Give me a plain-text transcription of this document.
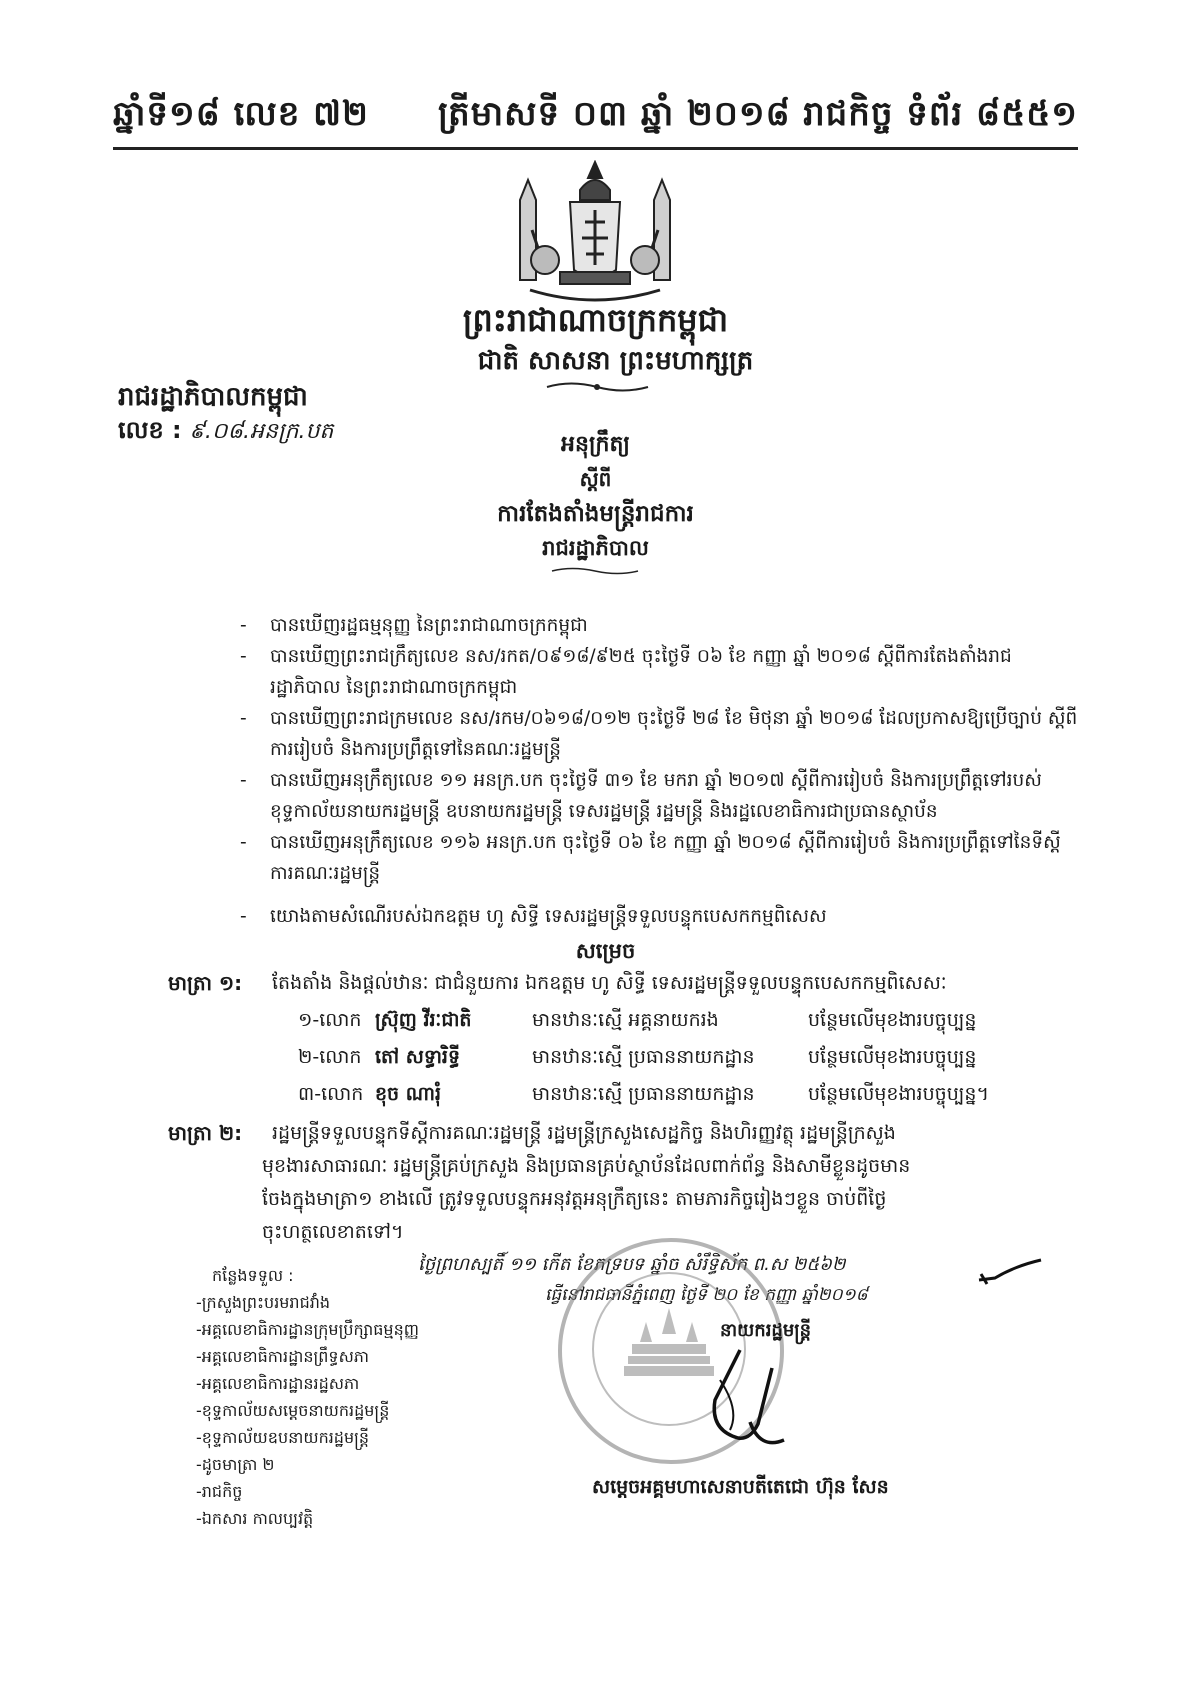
ឆ្នាំទី១៨ លេខ ៧២ ត្រីមាសទី ០៣ ឆ្នាំ ២០១៨ រាជកិច្ច ទំព័រ ៨៥៥១
ព្រះរាជាណាចក្រកម្ពុជា
ជាតិ សាសនា ព្រះមហាក្សត្រ
រាជរដ្ឋាភិបាលកម្ពុជា
លេខ : ៩.០៨.អនក្រ.បត
អនុក្រឹត្យ
ស្ដីពី
ការតែងតាំងមន្ត្រីរាជការ
រាជរដ្ឋាភិបាល
- បានឃើញរដ្ឋធម្មនុញ្ញ នៃព្រះរាជាណាចក្រកម្ពុជា
- បានឃើញព្រះរាជក្រឹត្យលេខ នស/រកត/០៩១៨/៩២៥ ចុះថ្ងៃទី ០៦ ខែ កញ្ញា ឆ្នាំ ២០១៨ ស្តីពីការតែងតាំងរាជរដ្ឋាភិបាល នៃព្រះរាជាណាចក្រកម្ពុជា
- បានឃើញព្រះរាជក្រមលេខ នស/រកម/០៦១៨/០១២ ចុះថ្ងៃទី ២៨ ខែ មិថុនា ឆ្នាំ ២០១៨ ដែលប្រកាសឱ្យប្រើច្បាប់ ស្តីពីការរៀបចំ និងការប្រព្រឹត្តទៅនៃគណៈរដ្ឋមន្ត្រី
- បានឃើញអនុក្រឹត្យលេខ ១១ អនក្រ.បក ចុះថ្ងៃទី ៣១ ខែ មករា ឆ្នាំ ២០១៧ ស្តីពីការរៀបចំ និងការប្រព្រឹត្តទៅរបស់ខុទ្ទកាល័យនាយករដ្ឋមន្ត្រី ឧបនាយករដ្ឋមន្ត្រី ទេសរដ្ឋមន្ត្រី រដ្ឋមន្ត្រី និងរដ្ឋលេខាធិការជាប្រធានស្ថាប័ន
- បានឃើញអនុក្រឹត្យលេខ ១១៦ អនក្រ.បក ចុះថ្ងៃទី ០៦ ខែ កញ្ញា ឆ្នាំ ២០១៨ ស្តីពីការរៀបចំ និងការប្រព្រឹត្តទៅនៃទីស្តីការគណៈរដ្ឋមន្ត្រី
- យោងតាមសំណើរបស់ឯកឧត្តម ហូ សិទ្ធី ទេសរដ្ឋមន្ត្រីទទួលបន្ទុកបេសកកម្មពិសេស
សម្រេច
មាត្រា ១: តែងតាំង និងផ្តល់ឋានៈ ជាជំនួយការ ឯកឧត្តម ហូ សិទ្ធី ទេសរដ្ឋមន្ត្រីទទួលបន្ទុកបេសកកម្មពិសេសៈ
១-លោក ស្រ៊ុញ វីរៈជាតិ	មានឋានៈស្មើ អគ្គនាយករង	បន្ថែមលើមុខងារបច្ចុប្បន្ន
២-លោក តៅ សទ្ធារិទ្ធី	មានឋានៈស្មើ ប្រធាននាយកដ្ឋាន	បន្ថែមលើមុខងារបច្ចុប្បន្ន
៣-លោក ខុច ណារុំ	មានឋានៈស្មើ ប្រធាននាយកដ្ឋាន	បន្ថែមលើមុខងារបច្ចុប្បន្ន។
មាត្រា ២: រដ្ឋមន្ត្រីទទួលបន្ទុកទីស្តីការគណៈរដ្ឋមន្ត្រី រដ្ឋមន្ត្រីក្រសួងសេដ្ឋកិច្ច និងហិរញ្ញវត្ថុ រដ្ឋមន្ត្រីក្រសួង
មុខងារសាធារណៈ រដ្ឋមន្ត្រីគ្រប់ក្រសួង និងប្រធានគ្រប់ស្ថាប័នដែលពាក់ព័ន្ធ និងសាមីខ្លួនដូចមាន
ចែងក្នុងមាត្រា១ ខាងលើ ត្រូវទទួលបន្ទុកអនុវត្តអនុក្រឹត្យនេះ តាមភារកិច្ចរៀងៗខ្លួន ចាប់ពីថ្ងៃ
ចុះហត្ថលេខាតទៅ។
ថ្ងៃព្រហស្បតិ៍ ១១ កើត ខែភទ្របទ ឆ្នាំច សំរឹទ្ធិស័ក ព.ស ២៥៦២
ធ្វើនៅរាជធានីភ្នំពេញ ថ្ងៃទី ២០ ខែ កញ្ញា ឆ្នាំ២០១៨
នាយករដ្ឋមន្ត្រី
សម្ដេចអគ្គមហាសេនាបតីតេជោ ហ៊ុន សែន
កន្លែងទទួល :
-ក្រសួងព្រះបរមរាជវាំង
-អគ្គលេខាធិការដ្ឋានក្រុមប្រឹក្សាធម្មនុញ្ញ
-អគ្គលេខាធិការដ្ឋានព្រឹទ្ធសភា
-អគ្គលេខាធិការដ្ឋានរដ្ឋសភា
-ខុទ្ទកាល័យសម្តេចនាយករដ្ឋមន្ត្រី
-ខុទ្ទកាល័យឧបនាយករដ្ឋមន្ត្រី
-ដូចមាត្រា ២
-រាជកិច្ច
-ឯកសារ កាលប្បវត្តិ
